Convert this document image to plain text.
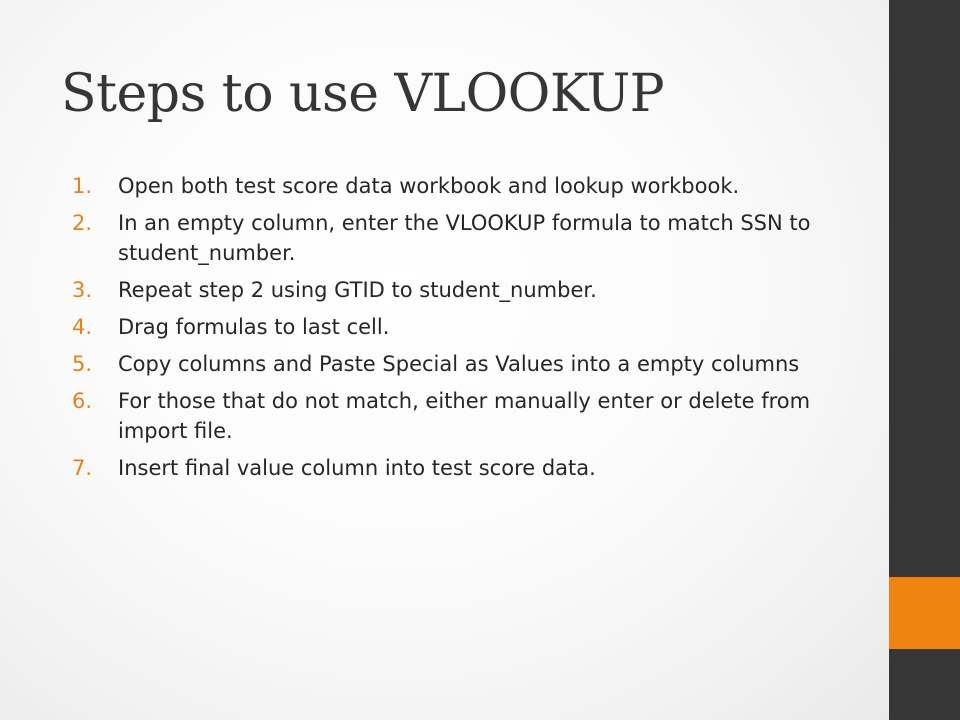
Steps to use VLOOKUP
1. Open both test score data workbook and lookup workbook.
2. In an empty column, enter the VLOOKUP formula to match SSN to student_number.
3. Repeat step 2 using GTID to student_number.
4. Drag formulas to last cell.
5. Copy columns and Paste Special as Values into a empty columns
6. For those that do not match, either manually enter or delete from import file.
7. Insert final value column into test score data.
